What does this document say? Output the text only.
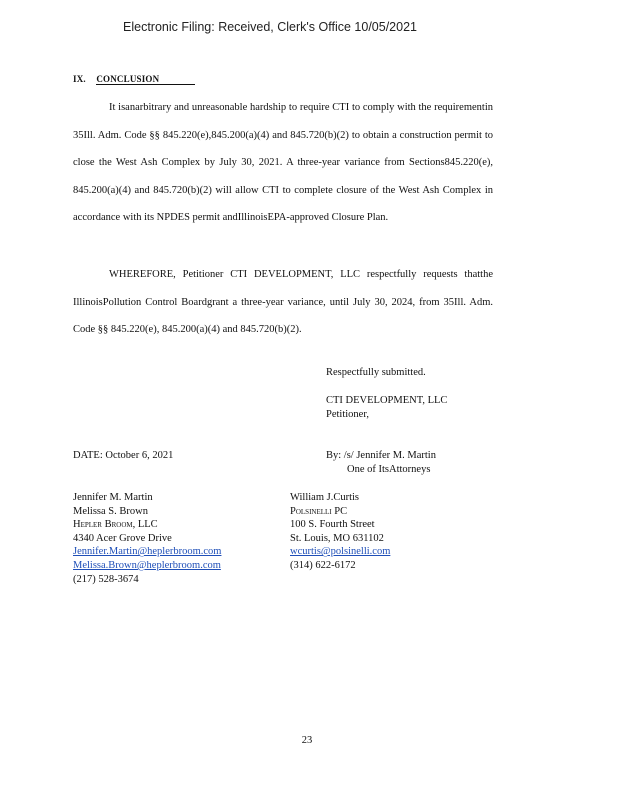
Electronic Filing: Received, Clerk's Office 10/05/2021
IX. CONCLUSION
It isanarbitrary and unreasonable hardship to require CTI to comply with the requirementin 35Ill. Adm. Code §§ 845.220(e),845.200(a)(4) and 845.720(b)(2) to obtain a construction permit to close the West Ash Complex by July 30, 2021. A three-year variance from Sections845.220(e), 845.200(a)(4) and 845.720(b)(2) will allow CTI to complete closure of the West Ash Complex in accordance with its NPDES permit andIllinoisEPA-approved Closure Plan.
WHEREFORE, Petitioner CTI DEVELOPMENT, LLC respectfully requests thatthe IllinoisPollution Control Boardgrant a three-year variance, until July 30, 2024, from 35Ill. Adm. Code §§ 845.220(e), 845.200(a)(4) and 845.720(b)(2).
Respectfully submitted.
CTI DEVELOPMENT, LLC
Petitioner,
DATE: October 6, 2021	By: /s/ Jennifer M. Martin
One of ItsAttorneys
Jennifer M. Martin
Melissa S. Brown
Hepler Broom, LLC
4340 Acer Grove Drive
Jennifer.Martin@heplerbroom.com
Melissa.Brown@heplerbroom.com
(217) 528-3674
William J.Curtis
Polsinelli PC
100 S. Fourth Street
St. Louis, MO 631102
wcurtis@polsinelli.com
(314) 622-6172
23
